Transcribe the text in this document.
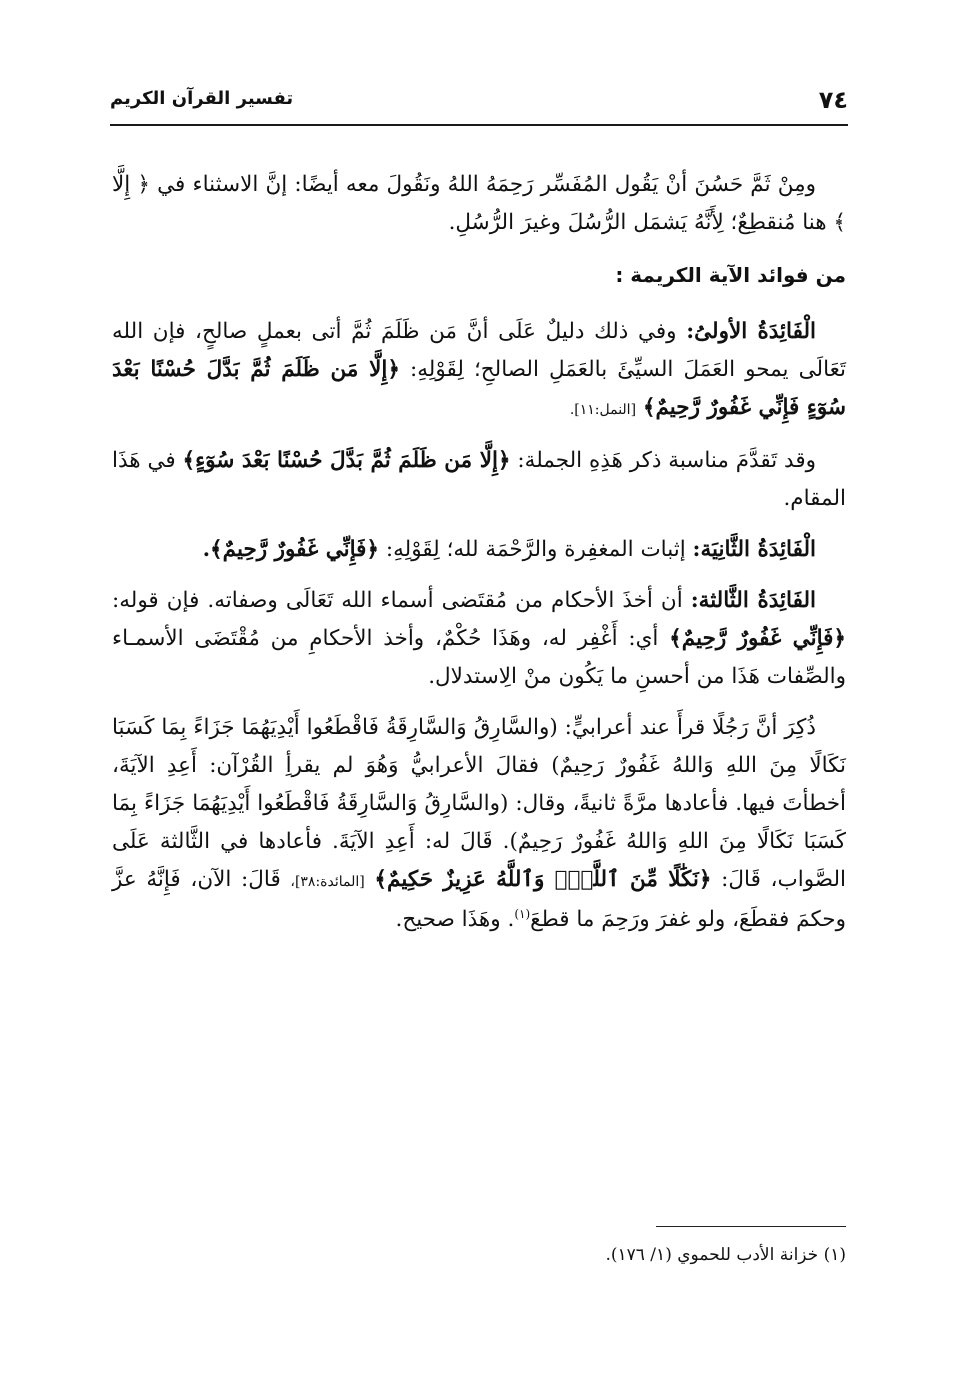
٧٤
تفسير القرآن الكريم

ومِنْ ثَمَّ حَسُنَ أنْ يَقُول المُفَسِّر رَحِمَهُ اللهُ ونَقُولَ معه أيضًا: إنَّ الاسثناء في ﴿ إِلَّا ﴾ هنا مُنقطِعٌ؛ لِأَنَّهُ يَشمَل الرُّسُلَ وغيرَ الرُّسُلِ.

من فوائد الآية الكريمة :

الْفَائِدَةُ الأولىُ: وفي ذلك دليلٌ عَلَى أنَّ مَن ظَلَمَ ثُمَّ أتى بعملٍ صالحٍ، فإن الله تَعَالَى يمحو العَمَلَ السيِّئَ بالعَمَلِ الصالحِ؛ لِقَوْلِهِ: ﴿إِلَّا مَن ظَلَمَ ثُمَّ بَدَّلَ حُسْنًا بَعْدَ سُوٓءٍ فَإِنِّي غَفُورٌ رَّحِيمٌ﴾ [النمل:١١].

وقد تَقدَّمَ مناسبة ذكر هَذِهِ الجملة: ﴿إِلَّا مَن ظَلَمَ ثُمَّ بَدَّلَ حُسْنًا بَعْدَ سُوٓءٍ﴾ في هَذَا المقام.

الْفَائِدَةُ الثَّانِيَة: إثبات المغفِرة والرَّحْمَة لله؛ لِقَوْلِهِ: ﴿فَإِنِّي غَفُورٌ رَّحِيمٌ﴾.

الفَائِدَةُ الثَّالثة: أن أخذَ الأحكام من مُقتَضى أسماء الله تَعَالَى وصفاته. فإن قوله: ﴿فَإِنِّي غَفُورٌ رَّحِيمٌ﴾ أي: أَغْفِر له، وهَذَا حُكْمٌ، وأخذ الأحكامِ من مُقْتَضَى الأسمـاء والصِّفات هَذَا من أحسنِ ما يَكُون منْ الِاستدلال.

ذُكِرَ أنَّ رَجُلًا قرأَ عند أعرابيٍّ: (والسَّارِقُ وَالسَّارِقَةُ فَاقْطَعُوا أَيْدِيَهُمَا جَزَاءً بِمَا كَسَبَا نَكَالًا مِنَ اللهِ وَاللهُ غَفُورٌ رَحِيمٌ) فقالَ الأعرابيُّ وَهُوَ لم يقرأِ القُرْآن: أَعِدِ الآيَةَ، أخطأتَ فيها. فأعادها مرَّةً ثانيةً، وقال: (والسَّارِقُ وَالسَّارِقَةُ فَاقْطَعُوا أَيْدِيَهُمَا جَزَاءً بِمَا كَسَبَا نَكَالًا مِنَ اللهِ وَاللهُ غَفُورٌ رَحِيمٌ). قَالَ له: أَعِدِ الآيَةَ. فأعادها في الثَّالثة عَلَى الصَّواب، قَالَ: ﴿نَكَٰلًا مِّنَ ٱللَّهِۗ وَٱللَّهُ عَزِيزٌ حَكِيمٌ﴾ [المائدة:٣٨]، قَالَ: الآن، فَإِنَّهُ عزَّ وحكمَ فقطَعَ، ولو غفرَ ورَحِمَ ما قطعَ$^{(١)}$. وهَذَا صحيح.

(١) خزانة الأدب للحموي (١/ ١٧٦).
